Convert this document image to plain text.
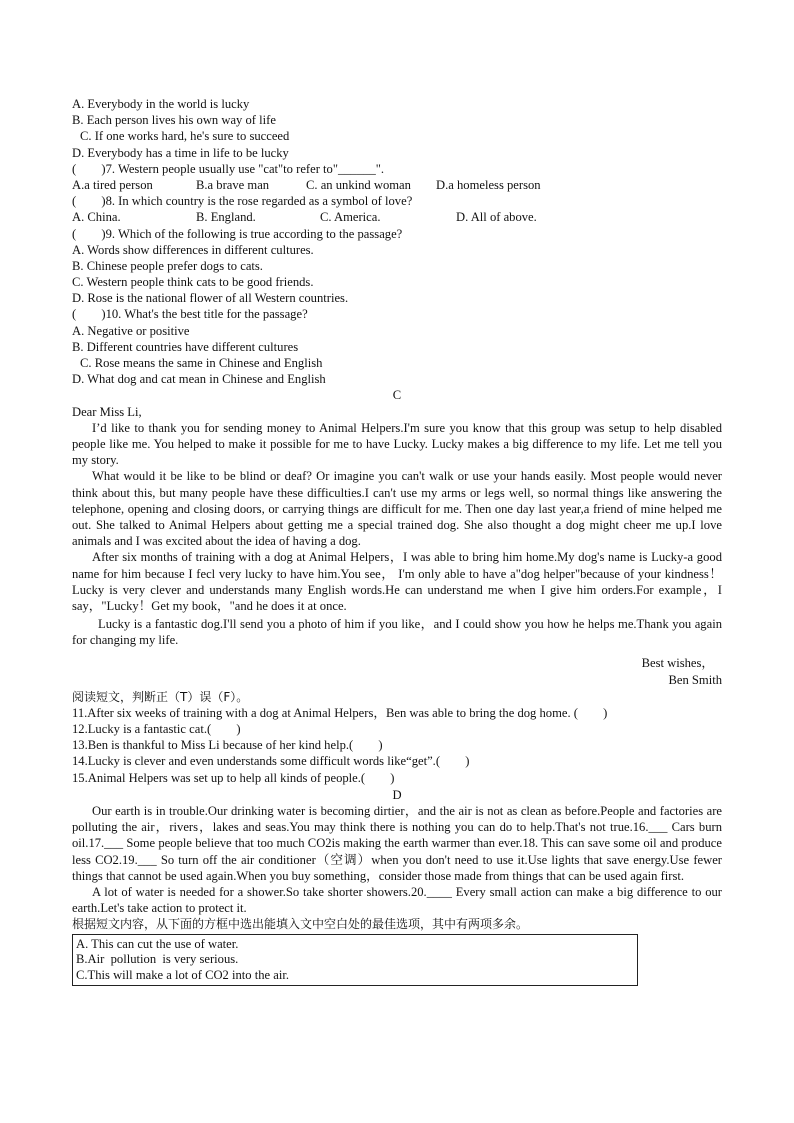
A. Everybody in the world is lucky
B. Each person lives his own way of life
C. If one works hard, he's sure to succeed
D. Everybody has a time in life to be lucky
(        )7. Western people usually use "cat"to refer to"______".
A.a tired person	B.a brave man	C. an unkind woman	D.a homeless person
(        )8. In which country is the rose regarded as a symbol of love?
A. China.	B. England.	C. America.	D. All of above.
(        )9. Which of the following is true according to the passage?
A. Words show differences in different cultures.
B. Chinese people prefer dogs to cats.
C. Western people think cats to be good friends.
D. Rose is the national flower of all Western countries.
(        )10. What's the best title for the passage?
A. Negative or positive
B. Different countries have different cultures
C. Rose means the same in Chinese and English
D. What dog and cat mean in Chinese and English
C
Dear Miss Li,
I’d like to thank you for sending money to Animal Helpers.I'm sure you know that this group was setup to help disabled people like me. You helped to make it possible for me to have Lucky. Lucky makes a big difference to my life. Let me tell you my story.
What would it be like to be blind or deaf? Or imagine you can't walk or use your hands easily. Most people would never think about this, but many people have these difficulties.I can't use my arms or legs well, so normal things like answering the telephone, opening and closing doors, or carrying things are difficult for me. Then one day last year,a friend of mine helped me out. She talked to Animal Helpers about getting me a special trained dog. She also thought a dog might cheer me up.I love animals and I was excited about the idea of having a dog.
After six months of training with a dog at Animal Helpers，I was able to bring him home.My dog's name is Lucky-a good name for him because I fecl very lucky to have him.You see， I'm only able to have a"dog helper"because of your kindness！Lucky is very clever and understands many English words.He can understand me when I give him orders.For example，I say，"Lucky！Get my book，"and he does it at once.
Lucky is a fantastic dog.I'll send you a photo of him if you like，and I could show you how he helps me.Thank you again for changing my life.
Best wishes，
Ben Smith
阅读短文，判断正（T）误（F）。
11.After six weeks of training with a dog at Animal Helpers，Ben was able to bring the dog home. (        )
12.Lucky is a fantastic cat.(        )
13.Ben is thankful to Miss Li because of her kind help.(        )
14.Lucky is clever and even understands some difficult words like“get”.(        )
15.Animal Helpers was set up to help all kinds of people.(        )
D
Our earth is in trouble.Our drinking water is becoming dirtier，and the air is not as clean as before.People and factories are polluting the air，rivers，lakes and seas.You may think there is nothing you can do to help.That's not true.16.___ Cars burn oil.17.___ Some people believe that too much CO2is making the earth warmer than ever.18. This can save some oil and produce less CO2.19.___ So turn off the air conditioner（空调）when you don't need to use it.Use lights that save energy.Use fewer things that cannot be used again.When you buy something，consider those made from things that can be used again first.
A lot of water is needed for a shower.So take shorter showers.20.____ Every small action can make a big difference to our earth.Let's take action to protect it.
根据短文内容，从下面的方框中选出能填入文中空白处的最佳选项，其中有两项多余。
A. This can cut the use of water.
B.Air  pollution  is very serious.
C.This will make a lot of CO2 into the air.
